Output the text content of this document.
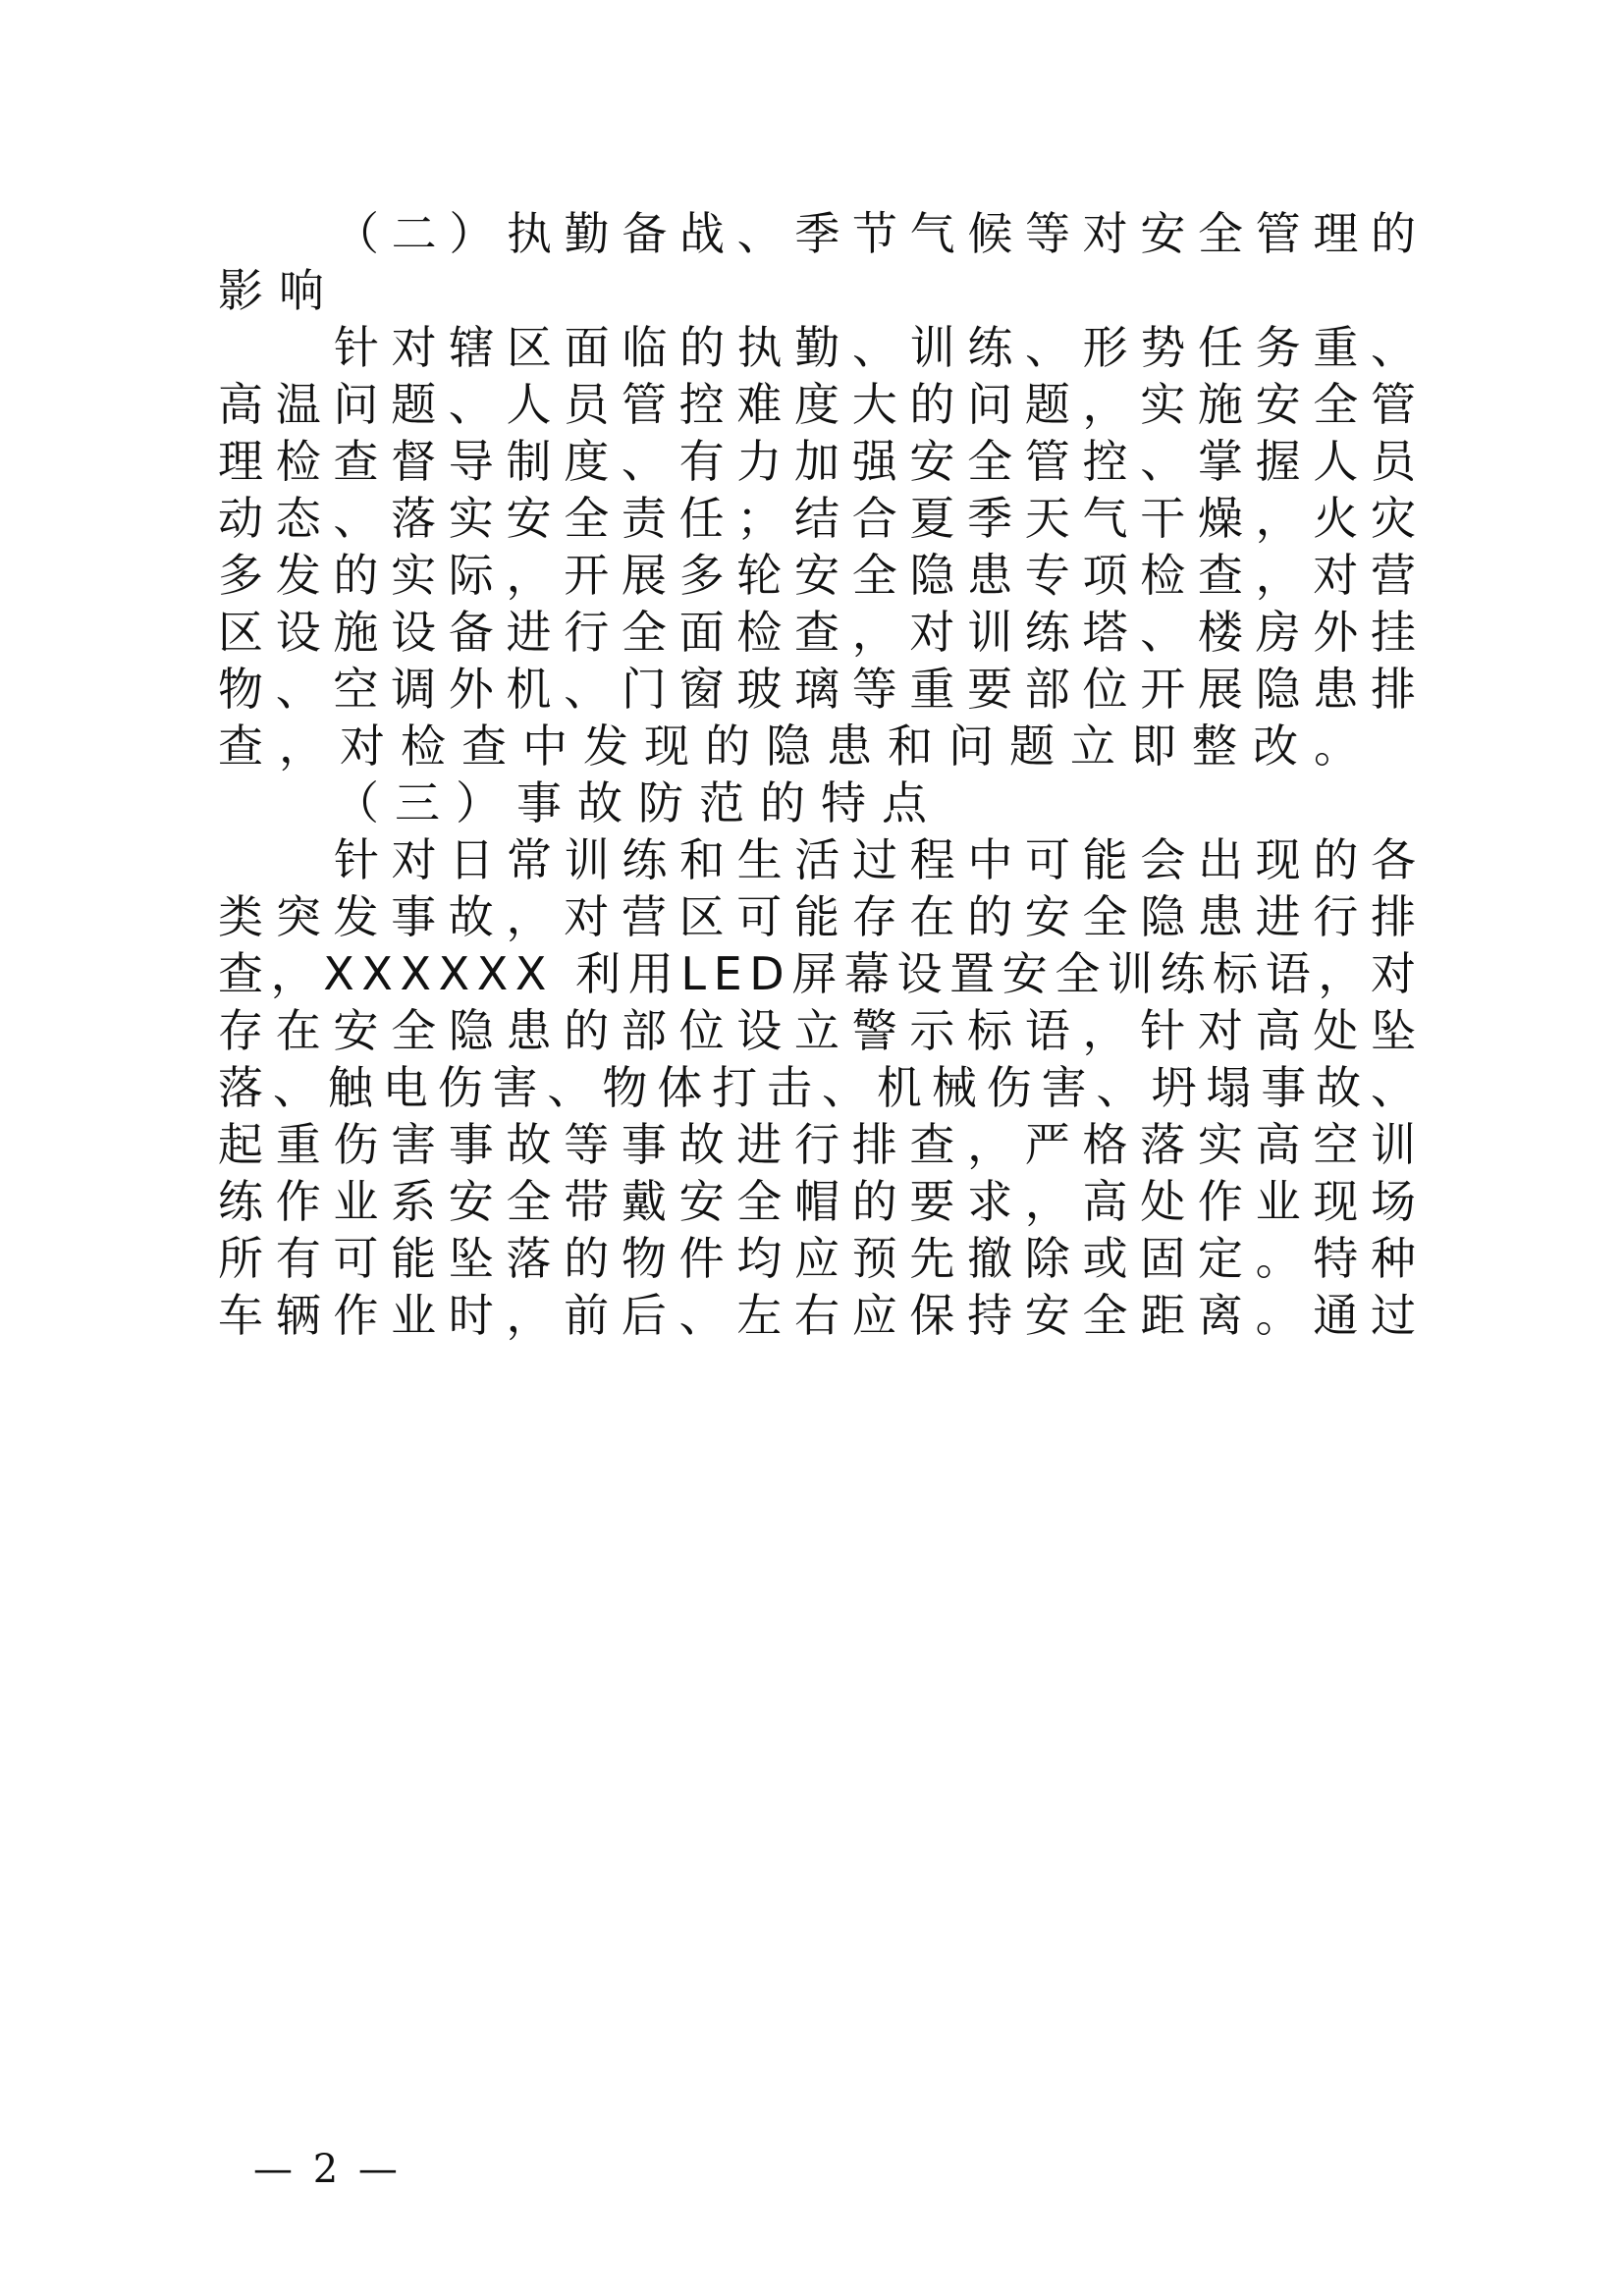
（二）执勤备战、季节气候等对安全管理的
影响
针对辖区面临的执勤、训练、形势任务重、
高温问题、人员管控难度大的问题，实施安全管
理检查督导制度、有力加强安全管控、掌握人员
动态、落实安全责任；结合夏季天气干燥，火灾
多发的实际，开展多轮安全隐患专项检查，对营
区设施设备进行全面检查，对训练塔、楼房外挂
物、空调外机、门窗玻璃等重要部位开展隐患排
查，对检查中发现的隐患和问题立即整改。
（三）事故防范的特点
针对日常训练和生活过程中可能会出现的各
类突发事故，对营区可能存在的安全隐患进行排
查，XXXXXX 利用LED屏幕设置安全训练标语，对
存在安全隐患的部位设立警示标语，针对高处坠
落、触电伤害、物体打击、机械伤害、坍塌事故、
起重伤害事故等事故进行排查，严格落实高空训
练作业系安全带戴安全帽的要求，高处作业现场
所有可能坠落的物件均应预先撤除或固定。特种
车辆作业时，前后、左右应保持安全距离。通过
— 2 —
